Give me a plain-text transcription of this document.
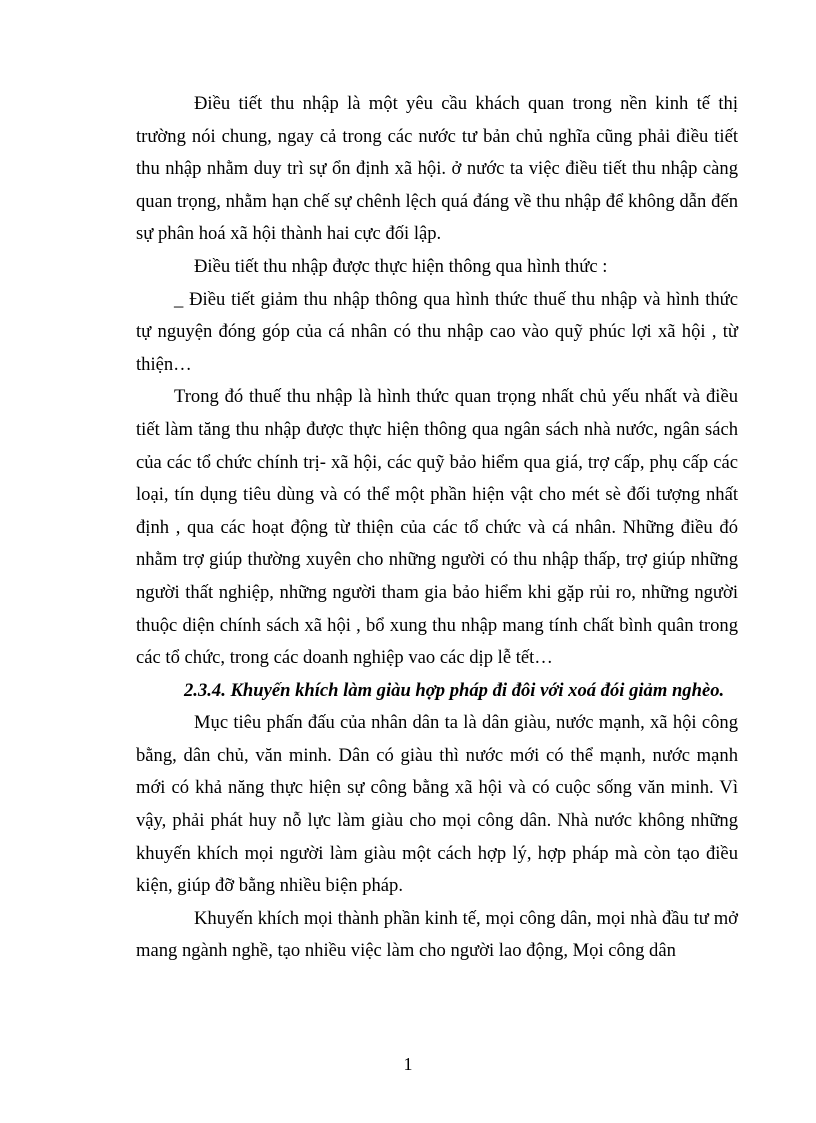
Điều tiết thu nhập là một yêu cầu khách quan trong nền kinh tế thị trường nói chung, ngay cả trong các nước tư bản chủ nghĩa cũng phải điều tiết thu nhập nhằm duy trì sự ổn định xã hội. ở nước ta việc điều tiết thu nhập càng quan trọng, nhằm hạn chế sự chênh lệch quá đáng về thu nhập để không dẫn đến sự phân hoá xã hội thành hai cực đối lập.

Điều tiết thu nhập được thực hiện thông qua hình thức :

_ Điều tiết giảm thu nhập thông qua hình thức thuế thu nhập và hình thức tự nguyện đóng góp của cá nhân có thu nhập cao vào quỹ phúc lợi xã hội , từ thiện…

Trong đó thuế thu nhập là hình thức quan trọng nhất chủ yếu nhất và điều tiết làm tăng thu nhập được thực hiện thông qua ngân sách nhà nước, ngân sách của các tổ chức chính trị- xã hội, các quỹ bảo hiểm qua giá, trợ cấp, phụ cấp các loại, tín dụng tiêu dùng và có thể một phần hiện vật cho mét sè đối tượng nhất định , qua các hoạt động từ thiện của các tổ chức và cá nhân. Những điều đó nhằm trợ giúp thường xuyên cho những người có thu nhập thấp, trợ giúp những người thất nghiệp, những người tham gia bảo hiểm khi gặp rủi ro, những người thuộc diện chính sách xã hội , bổ xung thu nhập mang tính chất bình quân trong các tổ chức, trong các doanh nghiệp vao các dịp lễ tết…

2.3.4. Khuyến khích làm giàu hợp pháp đi đôi với xoá đói giảm nghèo.

Mục tiêu phấn đấu của nhân dân ta là dân giàu, nước mạnh, xã hội công bằng, dân chủ, văn minh. Dân có giàu thì nước mới có thể mạnh, nước mạnh mới có khả năng thực hiện sự công bằng xã hội và có cuộc sống văn minh. Vì vậy, phải phát huy nỗ lực làm giàu cho mọi công dân. Nhà nước không những khuyến khích mọi người làm giàu một cách hợp lý, hợp pháp mà còn tạo điều kiện, giúp đỡ bằng nhiều biện pháp.

Khuyến khích mọi thành phần kinh tế, mọi công dân, mọi nhà đầu tư mở mang ngành nghề, tạo nhiều việc làm cho người lao động, Mọi công dân

1
